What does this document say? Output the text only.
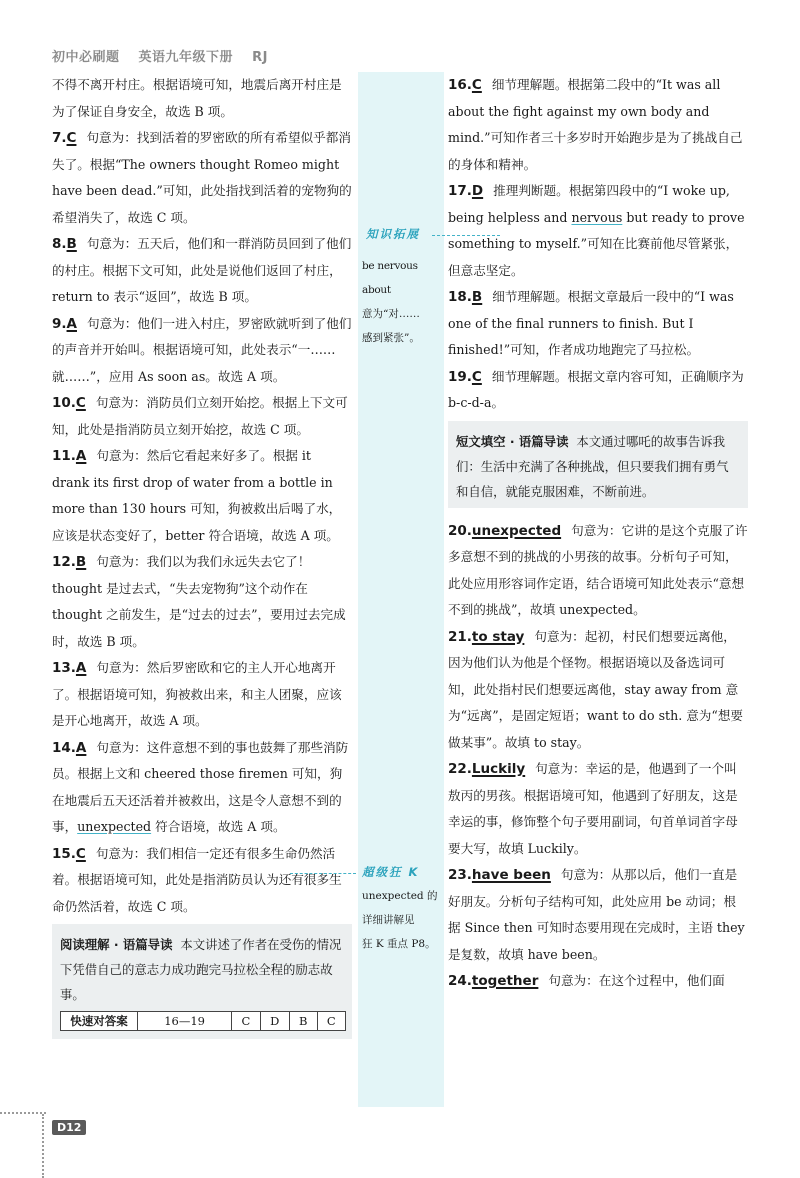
初中必刷题 英语九年级下册 RJ

不得不离开村庄。根据语境可知，地震后离开村庄是为了保证自身安全，故选 B 项。

7.C 句意为：找到活着的罗密欧的所有希望似乎都消失了。根据“The owners thought Romeo might have been dead.”可知，此处指找到活着的宠物狗的希望消失了，故选 C 项。

8.B 句意为：五天后，他们和一群消防员回到了他们的村庄。根据下文可知，此处是说他们返回了村庄，return to 表示“返回”，故选 B 项。

9.A 句意为：他们一进入村庄，罗密欧就听到了他们的声音并开始叫。根据语境可知，此处表示“一……就……”，应用 As soon as。故选 A 项。

10.C 句意为：消防员们立刻开始挖。根据上下文可知，此处是指消防员立刻开始挖，故选 C 项。

11.A 句意为：然后它看起来好多了。根据 it drank its first drop of water from a bottle in more than 130 hours 可知，狗被救出后喝了水，应该是状态变好了，better 符合语境，故选 A 项。

12.B 句意为：我们以为我们永远失去它了！thought 是过去式，“失去宠物狗”这个动作在 thought 之前发生，是“过去的过去”，要用过去完成时，故选 B 项。

13.A 句意为：然后罗密欧和它的主人开心地离开了。根据语境可知，狗被救出来，和主人团聚，应该是开心地离开，故选 A 项。

14.A 句意为：这件意想不到的事也鼓舞了那些消防员。根据上文和 cheered those firemen 可知，狗在地震后五天还活着并被救出，这是令人意想不到的事，unexpected 符合语境，故选 A 项。

15.C 句意为：我们相信一定还有很多生命仍然活着。根据语境可知，此处是指消防员认为还有很多生命仍然活着，故选 C 项。

阅读理解 · 语篇导读 本文讲述了作者在受伤的情况下凭借自己的意志力成功跑完马拉松全程的励志故事。
快速对答案	16—19	C	D	B	C
知识拓展
be nervous about
意为“对……
感到紧张”。
超级狂 K
unexpected 的
详细讲解见
狂 K 重点 P8。

16.C 细节理解题。根据第二段中的“It was all about the fight against my own body and mind.”可知作者三十多岁时开始跑步是为了挑战自己的身体和精神。

17.D 推理判断题。根据第四段中的“I woke up, being helpless and nervous but ready to prove something to myself.”可知在比赛前他尽管紧张，但意志坚定。

18.B 细节理解题。根据文章最后一段中的“I was one of the final runners to finish. But I finished!”可知，作者成功地跑完了马拉松。

19.C 细节理解题。根据文章内容可知，正确顺序为 b-c-d-a。

短文填空 · 语篇导读 本文通过哪吒的故事告诉我们：生活中充满了各种挑战，但只要我们拥有勇气和自信，就能克服困难，不断前进。

20.unexpected 句意为：它讲的是这个克服了许多意想不到的挑战的小男孩的故事。分析句子可知，此处应用形容词作定语，结合语境可知此处表示“意想不到的挑战”，故填 unexpected。

21.to stay 句意为：起初，村民们想要远离他，因为他们认为他是个怪物。根据语境以及备选词可知，此处指村民们想要远离他，stay away from 意为“远离”，是固定短语；want to do sth. 意为“想要做某事”。故填 to stay。

22.Luckily 句意为：幸运的是，他遇到了一个叫敖丙的男孩。根据语境可知，他遇到了好朋友，这是幸运的事，修饰整个句子要用副词，句首单词首字母要大写，故填 Luckily。

23.have been 句意为：从那以后，他们一直是好朋友。分析句子结构可知，此处应用 be 动词；根据 Since then 可知时态要用现在完成时，主语 they 是复数，故填 have been。

24.together 句意为：在这个过程中，他们面

D12
